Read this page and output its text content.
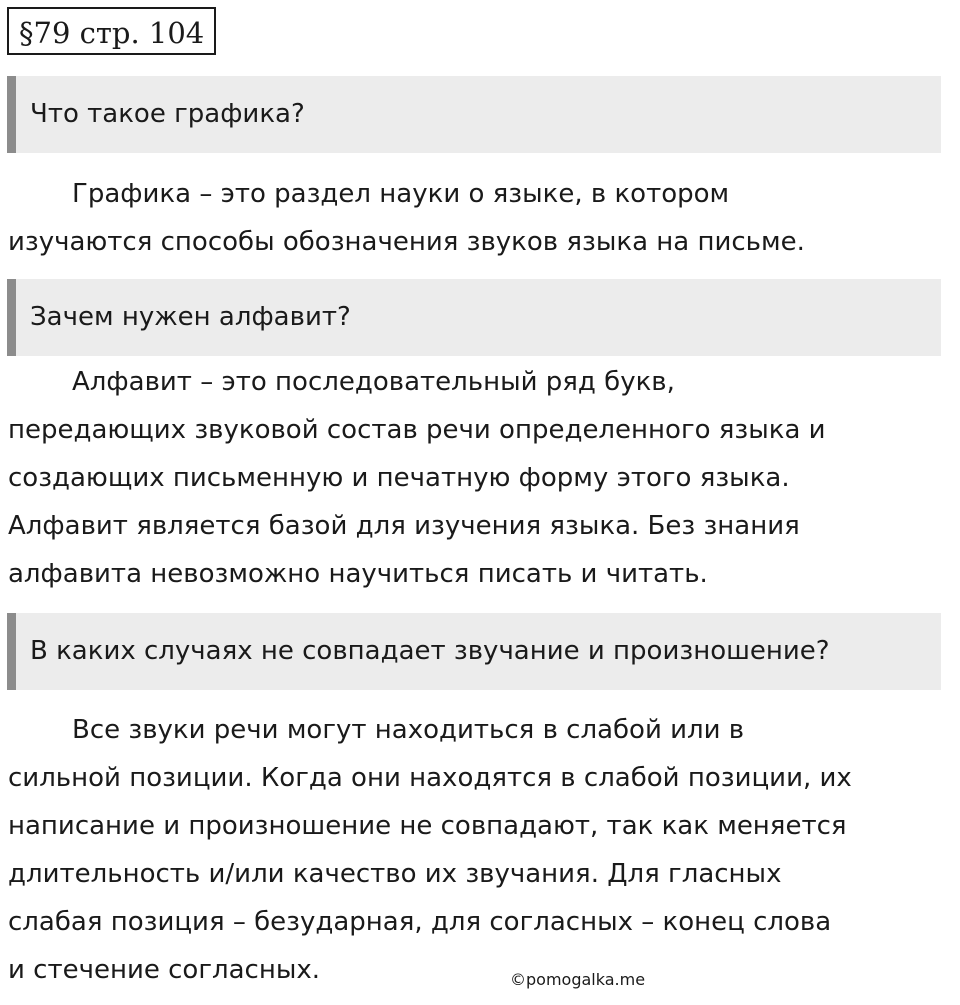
§79 стр. 104
Что такое графика?
Графика – это раздел науки о языке, в котором
изучаются способы обозначения звуков языка на письме.
Зачем нужен алфавит?
Алфавит – это последовательный ряд букв,
передающих звуковой состав речи определенного языка и
создающих письменную и печатную форму этого языка.
Алфавит является базой для изучения языка. Без знания
алфавита невозможно научиться писать и читать.
В каких случаях не совпадает звучание и произношение?
Все звуки речи могут находиться в слабой или в
сильной позиции. Когда они находятся в слабой позиции, их
написание и произношение не совпадают, так как меняется
длительность и/или качество их звучания. Для гласных
слабая позиция – безударная, для согласных – конец слова
и стечение согласных.	©pomogalka.me
